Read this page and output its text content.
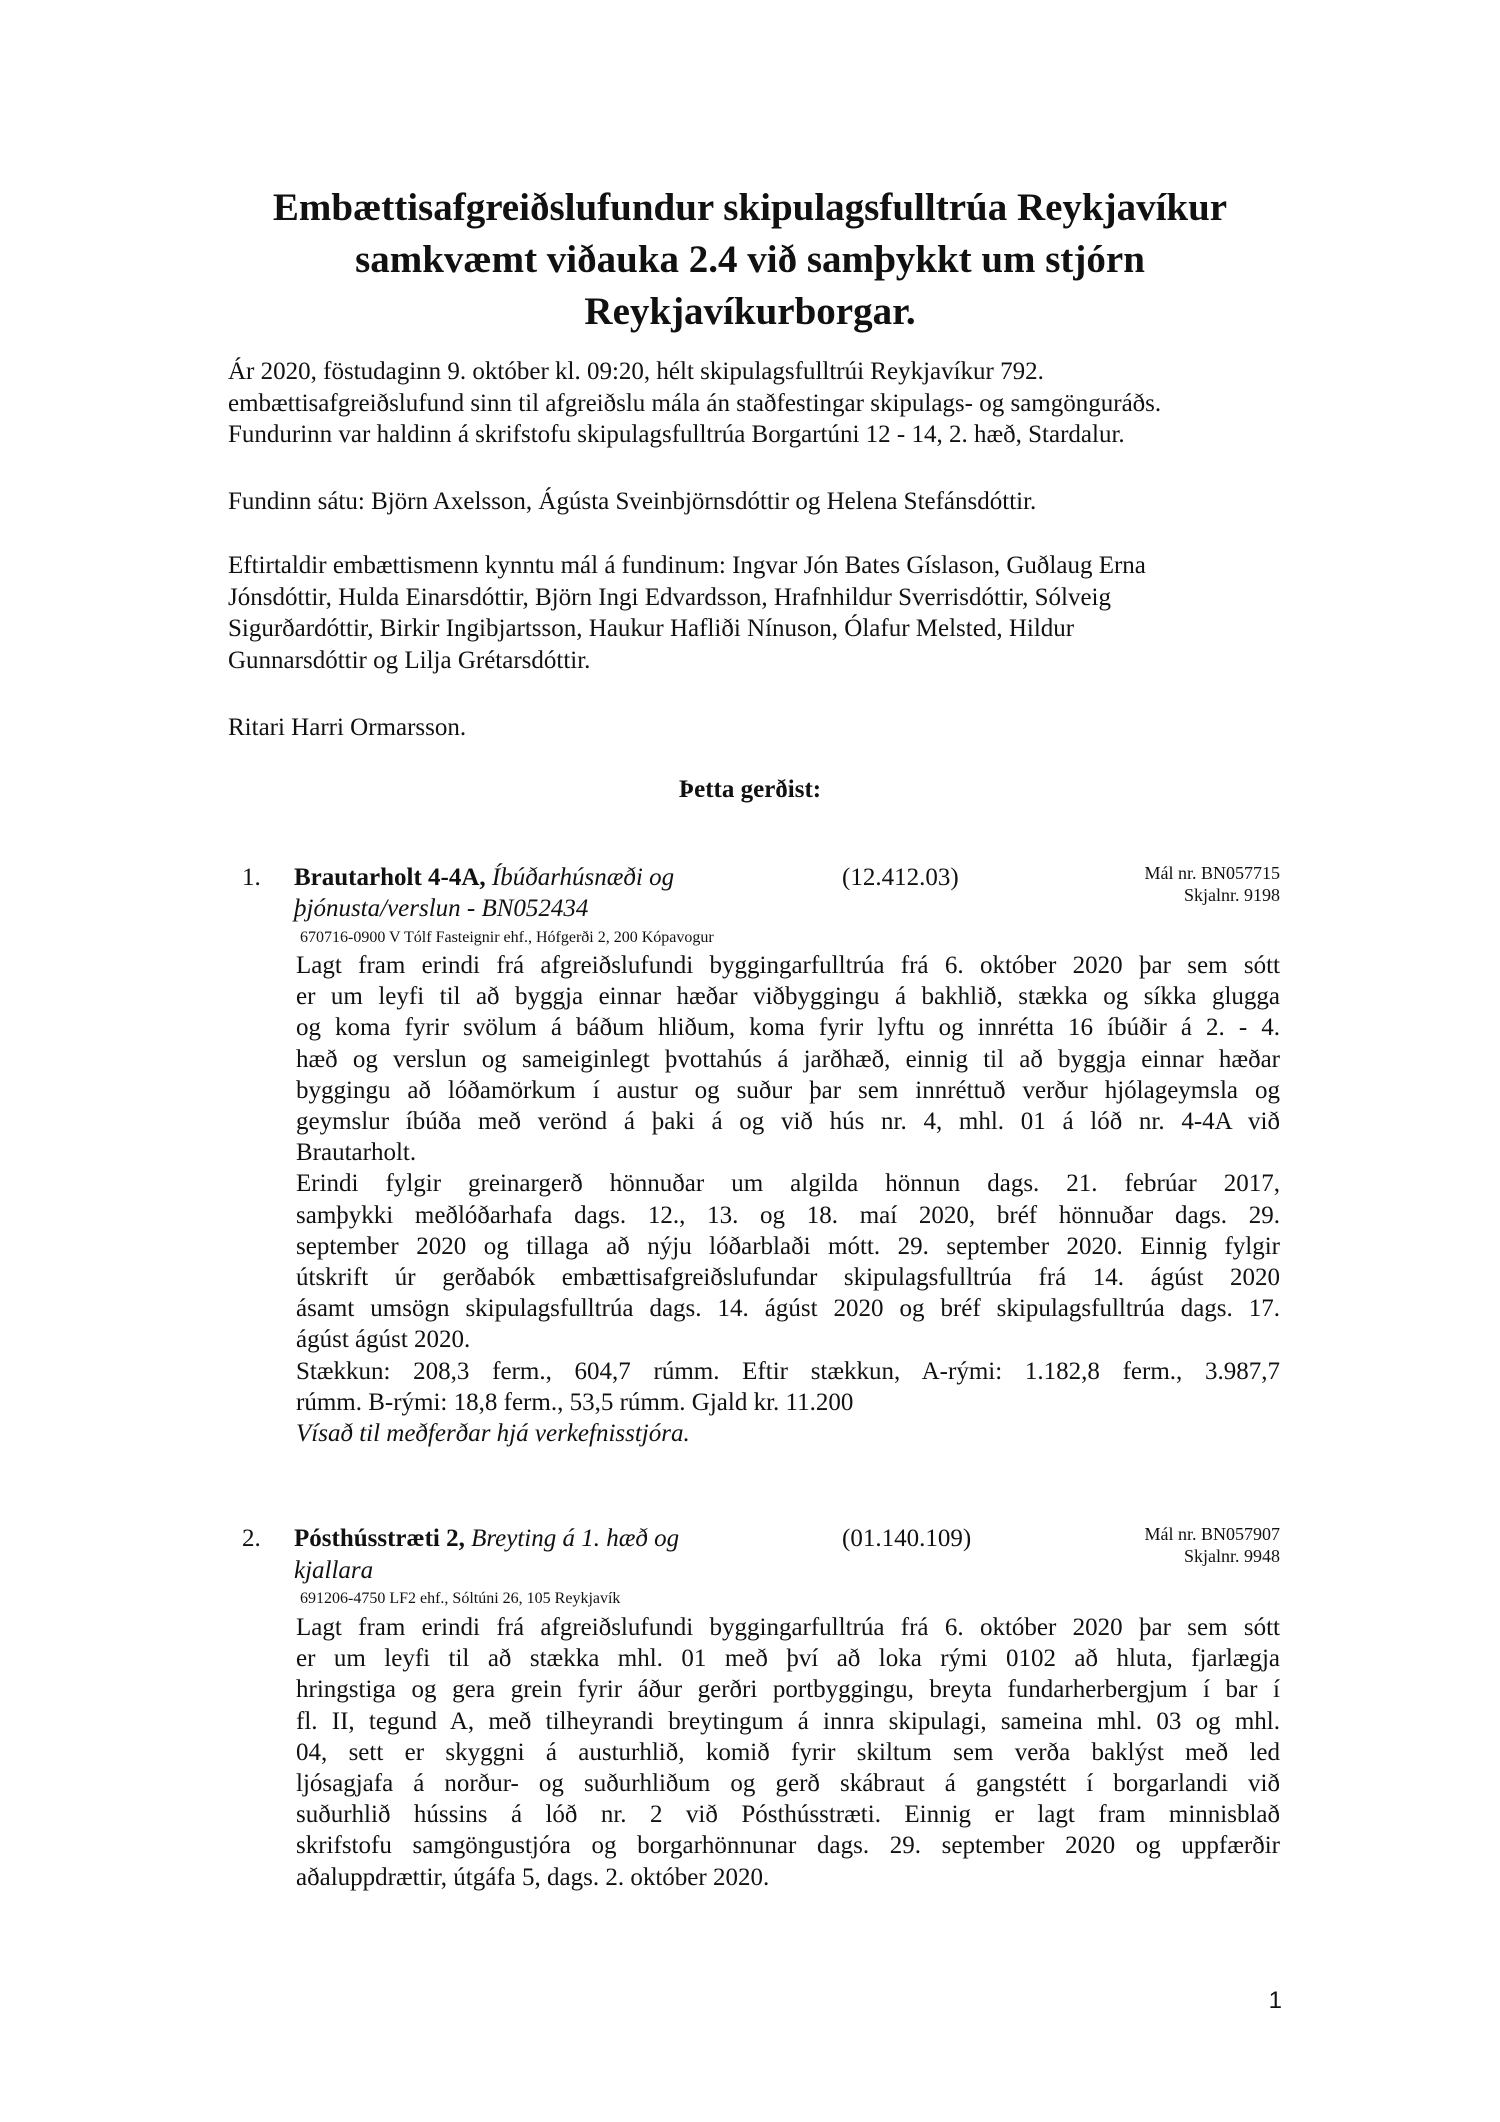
Embættisafgreiðslufundur skipulagsfulltrúa Reykjavíkur
samkvæmt viðauka 2.4 við samþykkt um stjórn
Reykjavíkurborgar.
Ár 2020, föstudaginn 9. október kl. 09:20, hélt skipulagsfulltrúi Reykjavíkur 792.
embættisafgreiðslufund sinn til afgreiðslu mála án staðfestingar skipulags- og samgönguráðs.
Fundurinn var haldinn á skrifstofu skipulagsfulltrúa Borgartúni 12 - 14, 2. hæð, Stardalur.
Fundinn sátu: Björn Axelsson, Ágústa Sveinbjörnsdóttir og Helena Stefánsdóttir.
Eftirtaldir embættismenn kynntu mál á fundinum: Ingvar Jón Bates Gíslason, Guðlaug Erna
Jónsdóttir, Hulda Einarsdóttir, Björn Ingi Edvardsson, Hrafnhildur Sverrisdóttir, Sólveig
Sigurðardóttir, Birkir Ingibjartsson, Haukur Hafliði Nínuson, Ólafur Melsted, Hildur
Gunnarsdóttir og Lilja Grétarsdóttir.
Ritari Harri Ormarsson.
Þetta gerðist:
1. Brautarholt 4-4A, Íbúðarhúsnæði og
þjónusta/verslun - BN052434
(12.412.03)	Mál nr. BN057715
Skjalnr. 9198
670716-0900 V Tólf Fasteignir ehf., Hófgerði 2, 200 Kópavogur
Lagt fram erindi frá afgreiðslufundi byggingarfulltrúa frá 6. október 2020 þar sem sótt
er um leyfi til að byggja einnar hæðar viðbyggingu á bakhlið, stækka og síkka glugga
og koma fyrir svölum á báðum hliðum, koma fyrir lyftu og innrétta 16 íbúðir á 2. - 4.
hæð og verslun og sameiginlegt þvottahús á jarðhæð, einnig til að byggja einnar hæðar
byggingu að lóðamörkum í austur og suður þar sem innréttuð verður hjólageymsla og
geymslur íbúða með verönd á þaki á og við hús nr. 4, mhl. 01 á lóð nr. 4-4A við
Brautarholt.
Erindi fylgir greinargerð hönnuðar um algilda hönnun dags. 21. febrúar 2017,
samþykki meðlóðarhafa dags. 12., 13. og 18. maí 2020, bréf hönnuðar dags. 29.
september 2020 og tillaga að nýju lóðarblaði mótt. 29. september 2020. Einnig fylgir
útskrift úr gerðabók embættisafgreiðslufundar skipulagsfulltrúa frá 14. ágúst 2020
ásamt umsögn skipulagsfulltrúa dags. 14. ágúst 2020 og bréf skipulagsfulltrúa dags. 17.
ágúst ágúst 2020.
Stækkun: 208,3 ferm., 604,7 rúmm. Eftir stækkun, A-rými: 1.182,8 ferm., 3.987,7
rúmm. B-rými: 18,8 ferm., 53,5 rúmm. Gjald kr. 11.200
Vísað til meðferðar hjá verkefnisstjóra.
2. Pósthússtræti 2, Breyting á 1. hæð og
kjallara
(01.140.109)	Mál nr. BN057907
Skjalnr. 9948
691206-4750 LF2 ehf., Sóltúni 26, 105 Reykjavík
Lagt fram erindi frá afgreiðslufundi byggingarfulltrúa frá 6. október 2020 þar sem sótt
er um leyfi til að stækka mhl. 01 með því að loka rými 0102 að hluta, fjarlægja
hringstiga og gera grein fyrir áður gerðri portbyggingu, breyta fundarherbergjum í bar í
fl. II, tegund A, með tilheyrandi breytingum á innra skipulagi, sameina mhl. 03 og mhl.
04, sett er skyggni á austurhlið, komið fyrir skiltum sem verða baklýst með led
ljósagjafa á norður- og suðurhliðum og gerð skábraut á gangstétt í borgarlandi við
suðurhlið hússins á lóð nr. 2 við Pósthússtræti. Einnig er lagt fram minnisblað
skrifstofu samgöngustjóra og borgarhönnunar dags. 29. september 2020 og uppfærðir
aðaluppdrættir, útgáfa 5, dags. 2. október 2020.
1
